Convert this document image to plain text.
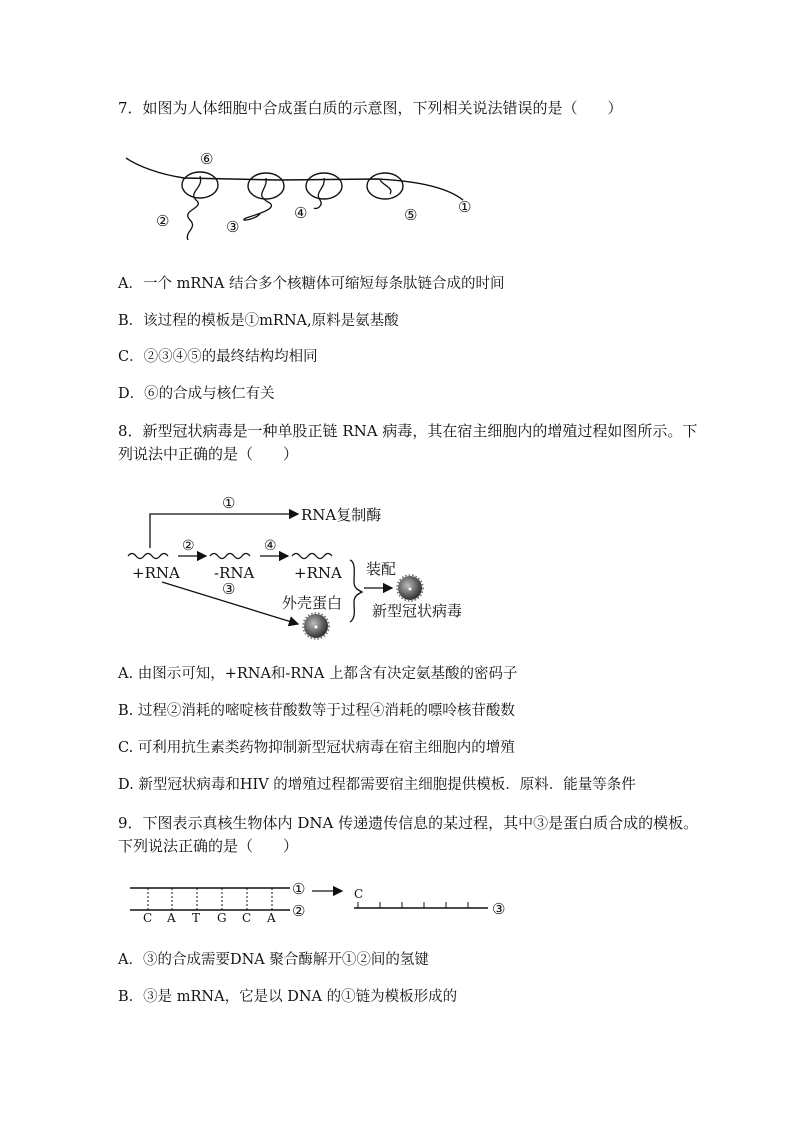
7．如图为人体细胞中合成蛋白质的示意图，下列相关说法错误的是（　　）
⑥
②	③
④	⑤	①
A．一个 mRNA 结合多个核糖体可缩短每条肽链合成的时间
B．该过程的模板是①mRNA,原料是氨基酸
C．②③④⑤的最终结构均相同
D．⑥的合成与核仁有关
8．新型冠状病毒是一种单股正链 RNA 病毒，其在宿主细胞内的增殖过程如图所示。下
列说法中正确的是（　　）
①
RNA复制酶
②	④
+RNA -RNA	+RNA
③
外壳蛋白
装配
新型冠状病毒
A. 由图示可知，+RNA和-RNA 上都含有决定氨基酸的密码子
B. 过程②消耗的嘧啶核苷酸数等于过程④消耗的嘌呤核苷酸数
C. 可利用抗生素类药物抑制新型冠状病毒在宿主细胞内的增殖
D. 新型冠状病毒和HIV 的增殖过程都需要宿主细胞提供模板．原料．能量等条件
9．下图表示真核生物体内 DNA 传递遗传信息的某过程，其中③是蛋白质合成的模板。
下列说法正确的是（　　）
C A T G C A
①
②
C
③
A．③的合成需要DNA 聚合酶解开①②间的氢键
B．③是 mRNA，它是以 DNA 的①链为模板形成的
